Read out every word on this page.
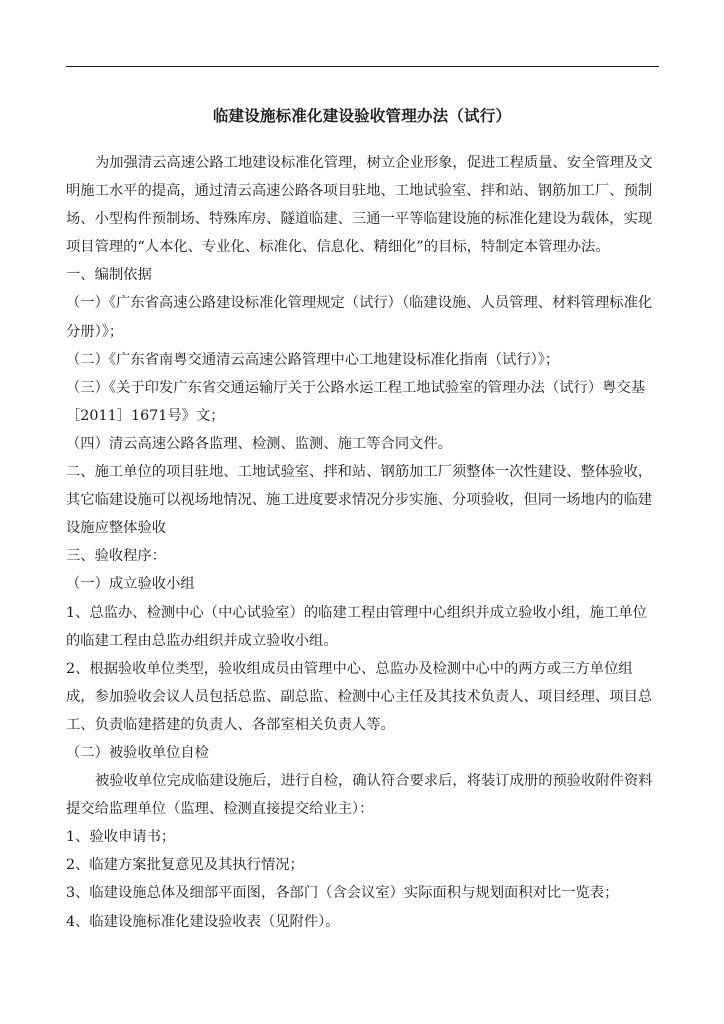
临建设施标准化建设验收管理办法（试行）

为加强清云高速公路工地建设标准化管理，树立企业形象，促进工程质量、安全管理及文明施工水平的提高，通过清云高速公路各项目驻地、工地试验室、拌和站、钢筋加工厂、预制场、小型构件预制场、特殊库房、隧道临建、三通一平等临建设施的标准化建设为载体，实现项目管理的“人本化、专业化、标准化、信息化、精细化”的目标，特制定本管理办法。

一、编制依据

（一）《广东省高速公路建设标准化管理规定（试行）（临建设施、人员管理、材料管理标准化分册）》；

（二）《广东省南粤交通清云高速公路管理中心工地建设标准化指南（试行）》；

（三）《关于印发广东省交通运输厅关于公路水运工程工地试验室的管理办法（试行）粤交基［2011］1671号》文；

（四）清云高速公路各监理、检测、监测、施工等合同文件。

二、施工单位的项目驻地、工地试验室、拌和站、钢筋加工厂须整体一次性建设、整体验收，其它临建设施可以视场地情况、施工进度要求情况分步实施、分项验收，但同一场地内的临建设施应整体验收

三、验收程序：

（一）成立验收小组

1、总监办、检测中心（中心试验室）的临建工程由管理中心组织并成立验收小组，施工单位的临建工程由总监办组织并成立验收小组。

2、根据验收单位类型，验收组成员由管理中心、总监办及检测中心中的两方或三方单位组成，参加验收会议人员包括总监、副总监、检测中心主任及其技术负责人、项目经理、项目总工、负责临建搭建的负责人、各部室相关负责人等。

（二）被验收单位自检

被验收单位完成临建设施后，进行自检，确认符合要求后，将装订成册的预验收附件资料提交给监理单位（监理、检测直接提交给业主）：

1、验收申请书；

2、临建方案批复意见及其执行情况；

3、临建设施总体及细部平面图，各部门（含会议室）实际面积与规划面积对比一览表；

4、临建设施标准化建设验收表（见附件）。
